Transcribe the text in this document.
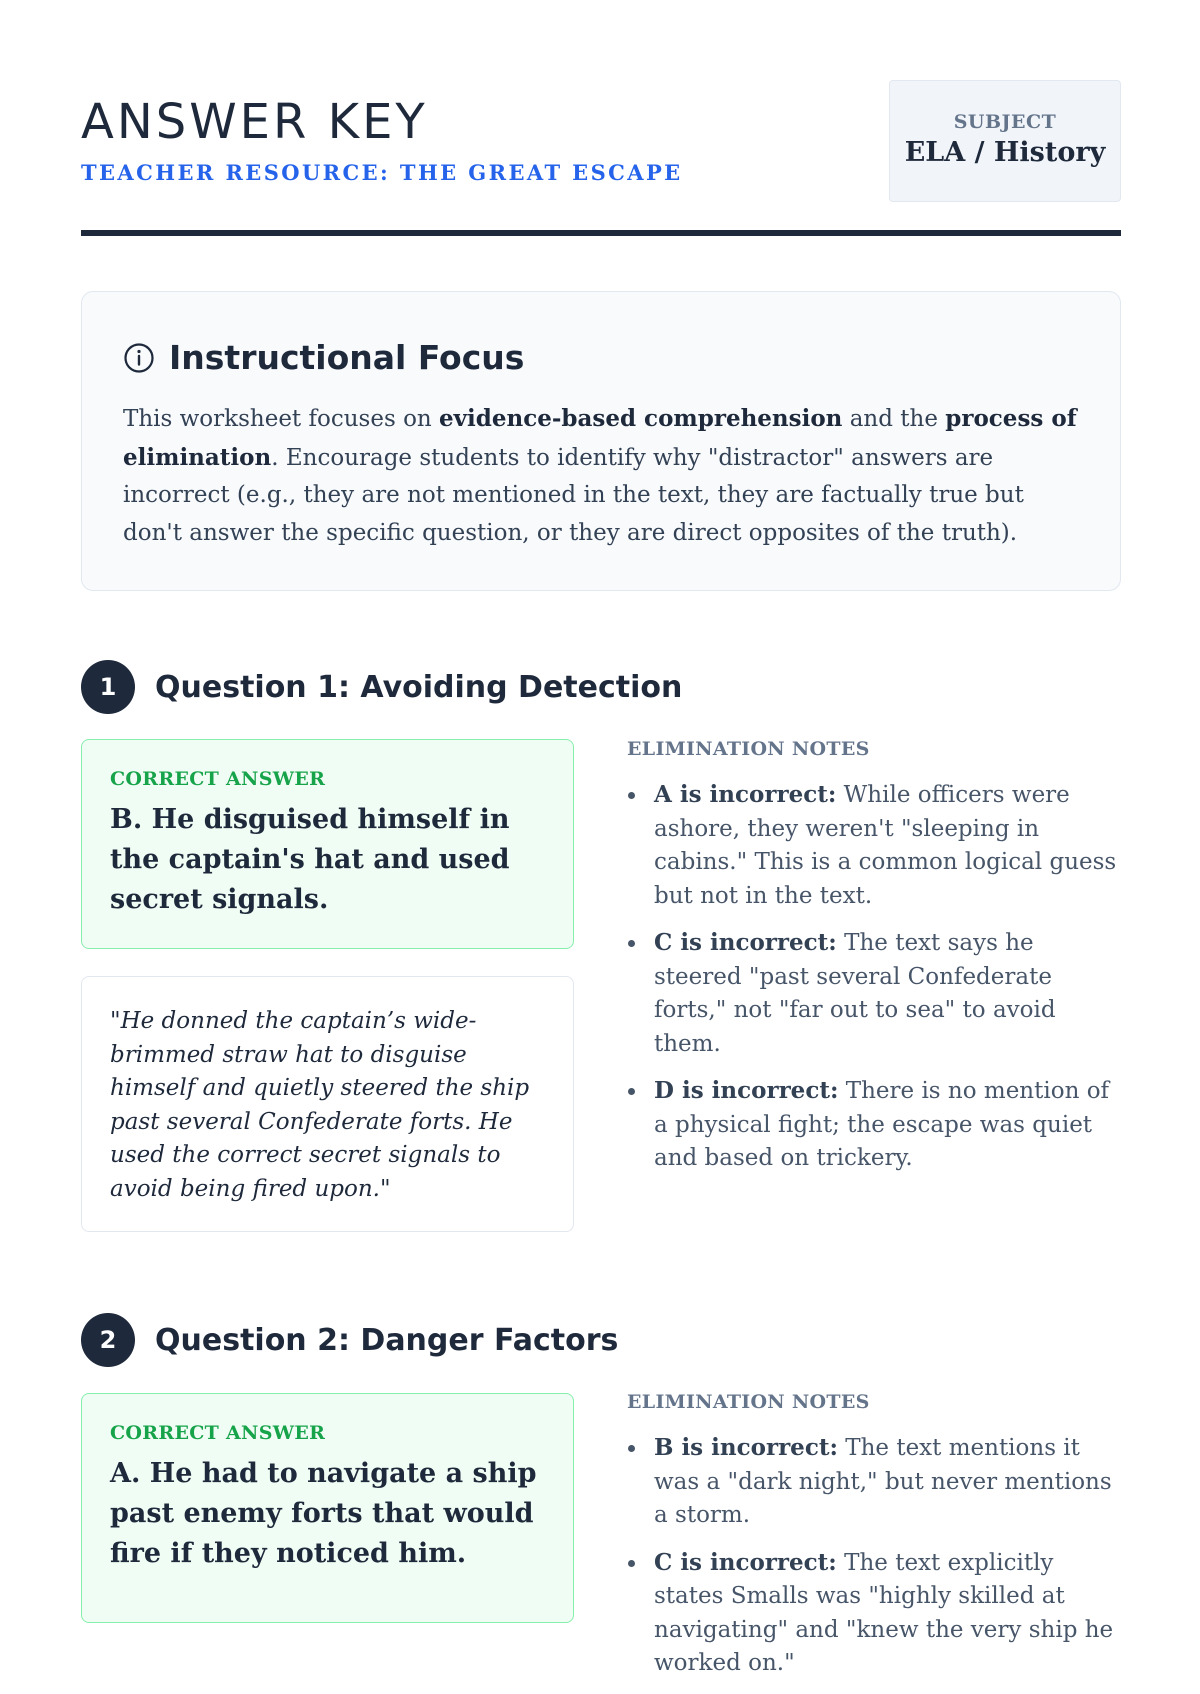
ANSWER KEY
TEACHER RESOURCE: THE GREAT ESCAPE
SUBJECT
ELA / History
Instructional Focus

This worksheet focuses on evidence-based comprehension and the process of elimination. Encourage students to identify why "distractor" answers are incorrect (e.g., they are not mentioned in the text, they are factually true but don't answer the specific question, or they are direct opposites of the truth).

1	Question 1: Avoiding Detection
CORRECT ANSWER
B. He disguised himself in the captain's hat and used secret signals.
"He donned the captain’s wide-brimmed straw hat to disguise himself and quietly steered the ship past several Confederate forts. He used the correct secret signals to avoid being fired upon."
ELIMINATION NOTES
A is incorrect: While officers were ashore, they weren't "sleeping in cabins." This is a common logical guess but not in the text.
C is incorrect: The text says he steered "past several Confederate forts," not "far out to sea" to avoid them.
D is incorrect: There is no mention of a physical fight; the escape was quiet and based on trickery.
2	Question 2: Danger Factors
CORRECT ANSWER
A. He had to navigate a ship past enemy forts that would fire if they noticed him.
ELIMINATION NOTES
B is incorrect: The text mentions it was a "dark night," but never mentions a storm.
C is incorrect: The text explicitly states Smalls was "highly skilled at navigating" and "knew the very ship he worked on."
